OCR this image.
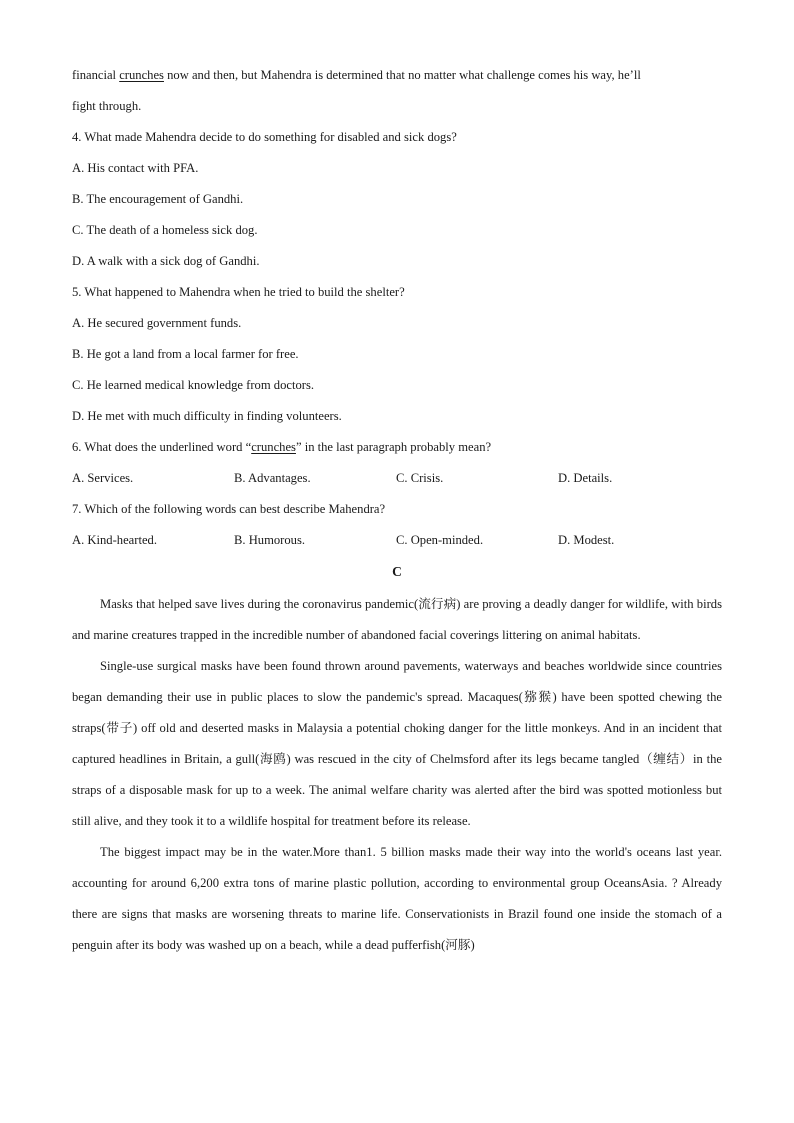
financial crunches now and then, but Mahendra is determined that no matter what challenge comes his way, he’ll
fight through.
4. What made Mahendra decide to do something for disabled and sick dogs?
A. His contact with PFA.
B. The encouragement of Gandhi.
C. The death of a homeless sick dog.
D. A walk with a sick dog of Gandhi.
5. What happened to Mahendra when he tried to build the shelter?
A. He secured government funds.
B. He got a land from a local farmer for free.
C. He learned medical knowledge from doctors.
D. He met with much difficulty in finding volunteers.
6. What does the underlined word “crunches” in the last paragraph probably mean?
A. Services.	B. Advantages.	C. Crisis.	D. Details.
7. Which of the following words can best describe Mahendra?
A. Kind-hearted.	B. Humorous.	C. Open-minded.	D. Modest.
C

Masks that helped save lives during the coronavirus pandemic(流行病) are proving a deadly danger for wildlife, with birds and marine creatures trapped in the incredible number of abandoned facial coverings littering on animal habitats.

Single-use surgical masks have been found thrown around pavements, waterways and beaches worldwide since countries began demanding their use in public places to slow the pandemic's spread. Macaques(猕猴) have been spotted chewing the straps(带子) off old and deserted masks in Malaysia a potential choking danger for the little monkeys. And in an incident that captured headlines in Britain, a gull(海鸥) was rescued in the city of Chelmsford after its legs became tangled（缠结）in the straps of a disposable mask for up to a week. The animal welfare charity was alerted after the bird was spotted motionless but still alive, and they took it to a wildlife hospital for treatment before its release.

The biggest impact may be in the water.More than1. 5 billion masks made their way into the world's oceans last year. accounting for around 6,200 extra tons of marine plastic pollution, according to environmental group OceansAsia. ? Already there are signs that masks are worsening threats to marine life. Conservationists in Brazil found one inside the stomach of a penguin after its body was washed up on a beach, while a dead pufferfish(河豚)
